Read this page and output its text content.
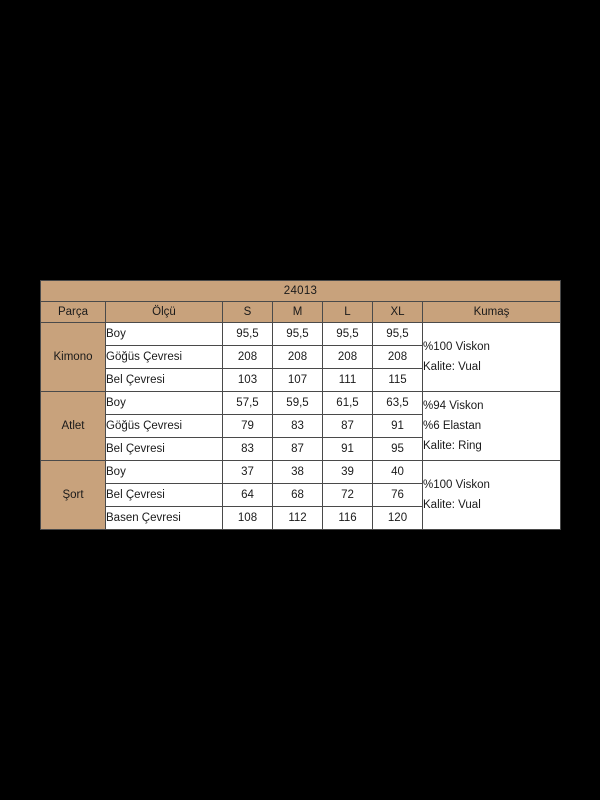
24013						
Parça	Ölçü	S	M	L	XL	Kumaş
Kimono	Boy	95,5	95,5	95,5	95,5	%100 Viskon
Kalite: Vual

	Göğüs Çevresi	208	208	208	208	
	Bel Çevresi	103	107	111	115	
Atlet	Boy	57,5	59,5	61,5	63,5	%94 Viskon
%6 Elastan
Kalite: Ring

	Göğüs Çevresi	79	83	87	91	
	Bel Çevresi	83	87	91	95	
Şort	Boy	37	38	39	40	%100 Viskon
Kalite: Vual

	Bel Çevresi	64	68	72	76	
	Basen Çevresi	108	112	116	120	
